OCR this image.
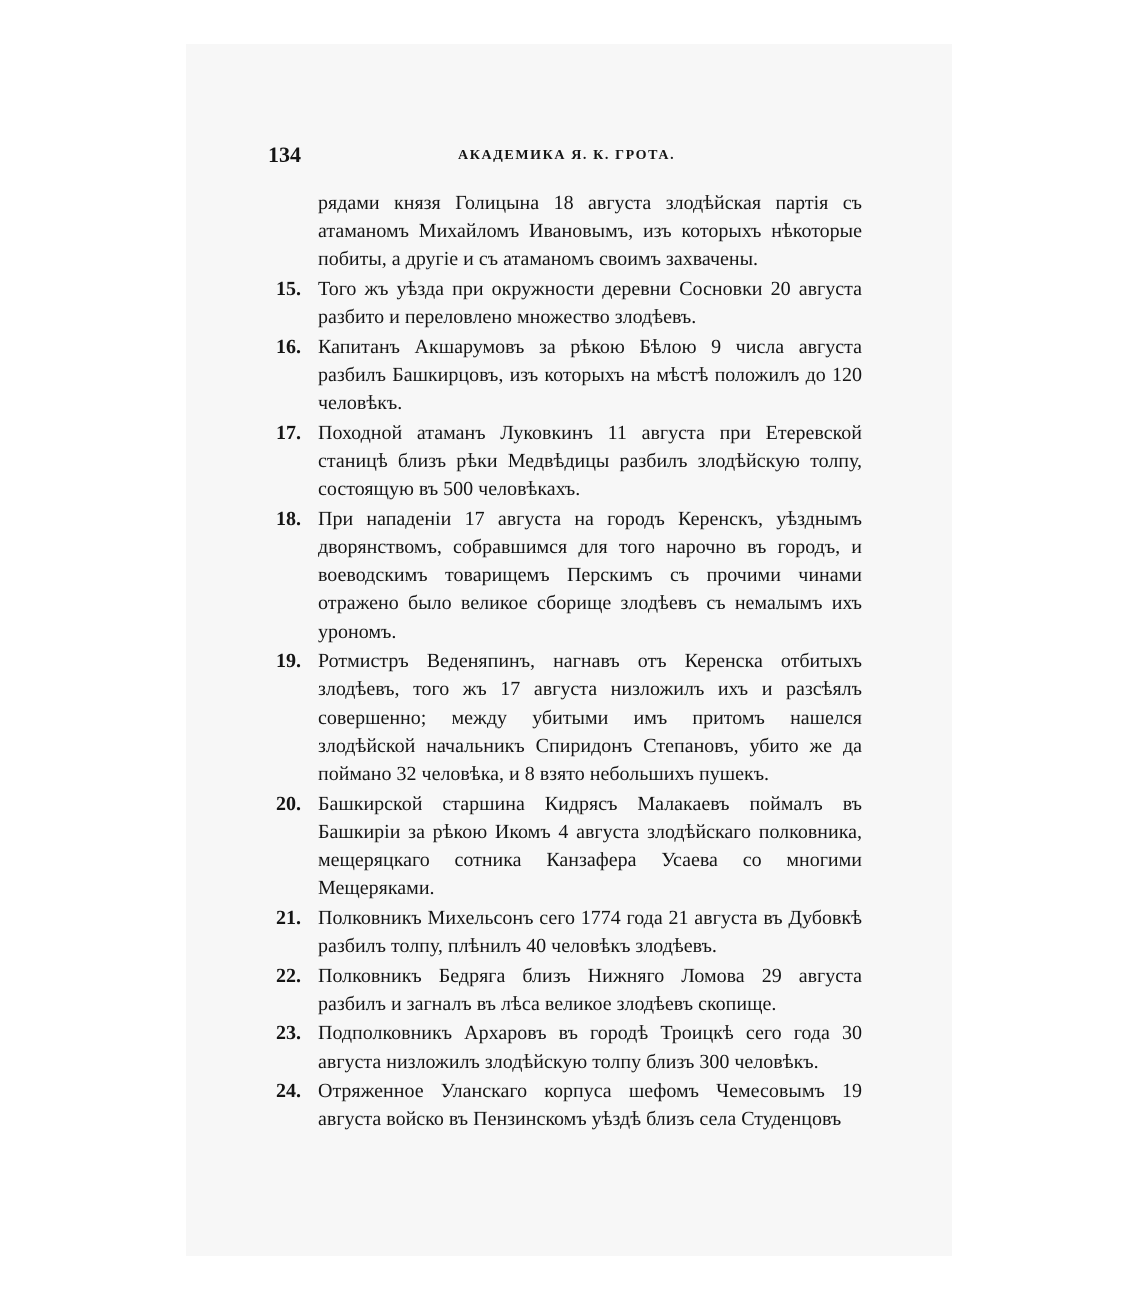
134	АКАДЕМИКА Я. К. ГРОТА.
рядами князя Голицына 18 августа злодѣйская партія съ атаманомъ Михайломъ Ивановымъ, изъ которыхъ нѣкоторые побиты, а другіе и съ атаманомъ своимъ захвачены.
15. Того жъ уѣзда при окружности деревни Сосновки 20 августа разбито и переловлено множество злодѣевъ.
16. Капитанъ Акшарумовъ за рѣкою Бѣлою 9 числа августа разбилъ Башкирцовъ, изъ которыхъ на мѣстѣ положилъ до 120 человѣкъ.
17. Походной атаманъ Луковкинъ 11 августа при Етеревской станицѣ близъ рѣки Медвѣдицы разбилъ злодѣйскую толпу, состоящую въ 500 человѣкахъ.
18. При нападеніи 17 августа на городъ Керенскъ, уѣзднымъ дворянствомъ, собравшимся для того нарочно въ городъ, и воеводскимъ товарищемъ Перскимъ съ прочими чинами отражено было великое сборище злодѣевъ съ немалымъ ихъ урономъ.
19. Ротмистръ Веденяпинъ, нагнавъ отъ Керенска отбитыхъ злодѣевъ, того жъ 17 августа низложилъ ихъ и разсѣялъ совершенно; между убитыми имъ притомъ нашелся злодѣйской начальникъ Спиридонъ Степановъ, убито же да поймано 32 человѣка, и 8 взято небольшихъ пушекъ.
20. Башкирской старшина Кидрясъ Малакаевъ поймалъ въ Башкиріи за рѣкою Икомъ 4 августа злодѣйскаго полковника, мещеряцкаго сотника Канзафера Усаева со многими Мещеряками.
21. Полковникъ Михельсонъ сего 1774 года 21 августа въ Дубовкѣ разбилъ толпу, плѣнилъ 40 человѣкъ злодѣевъ.
22. Полковникъ Бедряга близъ Нижняго Ломова 29 августа разбилъ и загналъ въ лѣса великое злодѣевъ скопище.
23. Подполковникъ Архаровъ въ городѣ Троицкѣ сего года 30 августа низложилъ злодѣйскую толпу близъ 300 человѣкъ.
24. Отряженное Уланскаго корпуса шефомъ Чемесовымъ 19 августа войско въ Пензинскомъ уѣздѣ близъ села Студенцовъ
